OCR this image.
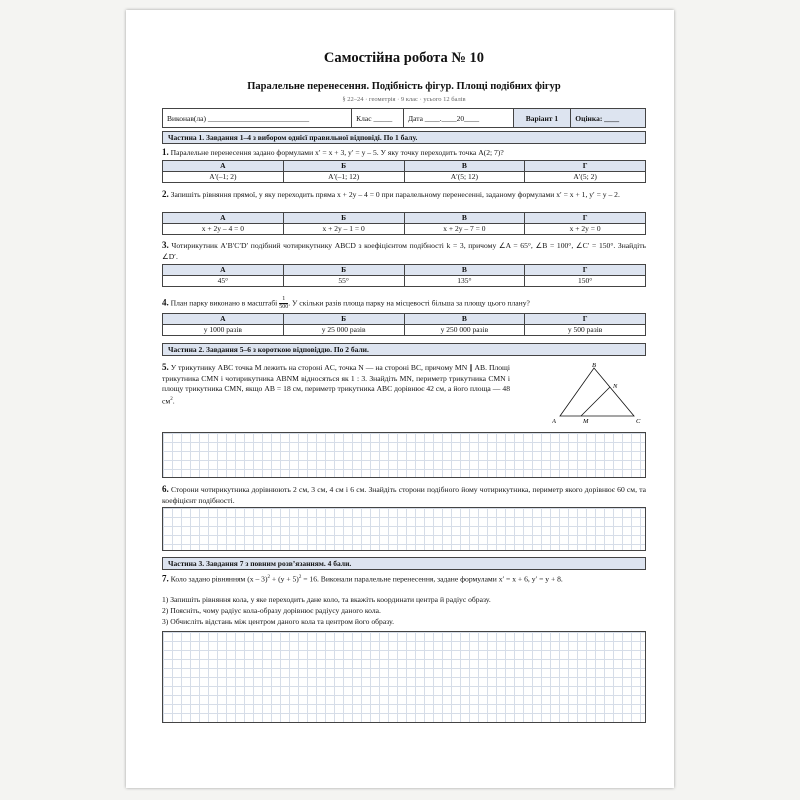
Самостійна робота № 10
Паралельне перенесення. Подібність фігур. Площі подібних фігур
§ 22–24 · геометрія · 9 клас · усього 12 балів
Виконав(ла) ___________________________	Клас _____	Дата ____.____20____	Варіант 1	Оцінка: ____
Частина 1. Завдання 1–4 з вибором однієї правильної відповіді. По 1 балу.
1. Паралельне перенесення задано формулами x′ = x + 3, y′ = y – 5. У яку точку переходить точка A(2; 7)?
А	Б	В	Г
A′(–1; 2)	A′(–1; 12)	A′(5; 12)	A′(5; 2)
2. Запишіть рівняння прямої, у яку переходить пряма x + 2y – 4 = 0 при паралельному перенесенні, заданому формулами x′ = x + 1, y′ = y – 2.
А	Б	В	Г
x + 2y – 4 = 0	x + 2y – 1 = 0	x + 2y – 7 = 0	x + 2y = 0
3. Чотирикутник A′B′C′D′ подібний чотирикутнику ABCD з коефіцієнтом подібності k = 3, причому ∠A = 65°, ∠B = 100°, ∠C′ = 150°. Знайдіть ∠D′.
А	Б	В	Г
45°	55°	135°	150°
4. План парку виконано в масштабі $\frac{1}{500}$ . У скільки разів площа парку на місцевості більша за площу цього плану?
А	Б	В	Г
у 1000 разів	у 25 000 разів	у 250 000 разів	у 500 разів
Частина 2. Завдання 5–6 з короткою відповіддю. По 2 бали.
5. У трикутнику ABC точка M лежить на стороні AC, точка N — на стороні BC, причому MN ∥ AB. Площі трикутника CMN і чотирикутника ABNM відносяться як 1 : 3. Знайдіть MN, периметр трикутника CMN і площу трикутника CMN, якщо AB = 18 см, периметр трикутника ABC дорівнює 42 см, а його площа — 48 $см^2$.
B
N
A	M	C
6. Сторони чотирикутника дорівнюють 2 см, 3 см, 4 см і 6 см. Знайдіть сторони подібного йому чотирикутника, периметр якого дорівнює 60 см, та коефіцієнт подібності.
Частина 3. Завдання 7 з повним розв’язанням. 4 бали.
7. Коло задано рівнянням $(x - 3)^2 + (y + 5)^2 = 16$. Виконали паралельне перенесення, задане формулами x′ = x + 6, y′ = y + 8.
1) Запишіть рівняння кола, у яке переходить дане коло, та вкажіть координати центра й радіус образу.
2) Поясніть, чому радіус кола-образу дорівнює радіусу даного кола.
3) Обчисліть відстань між центром даного кола та центром його образу.
